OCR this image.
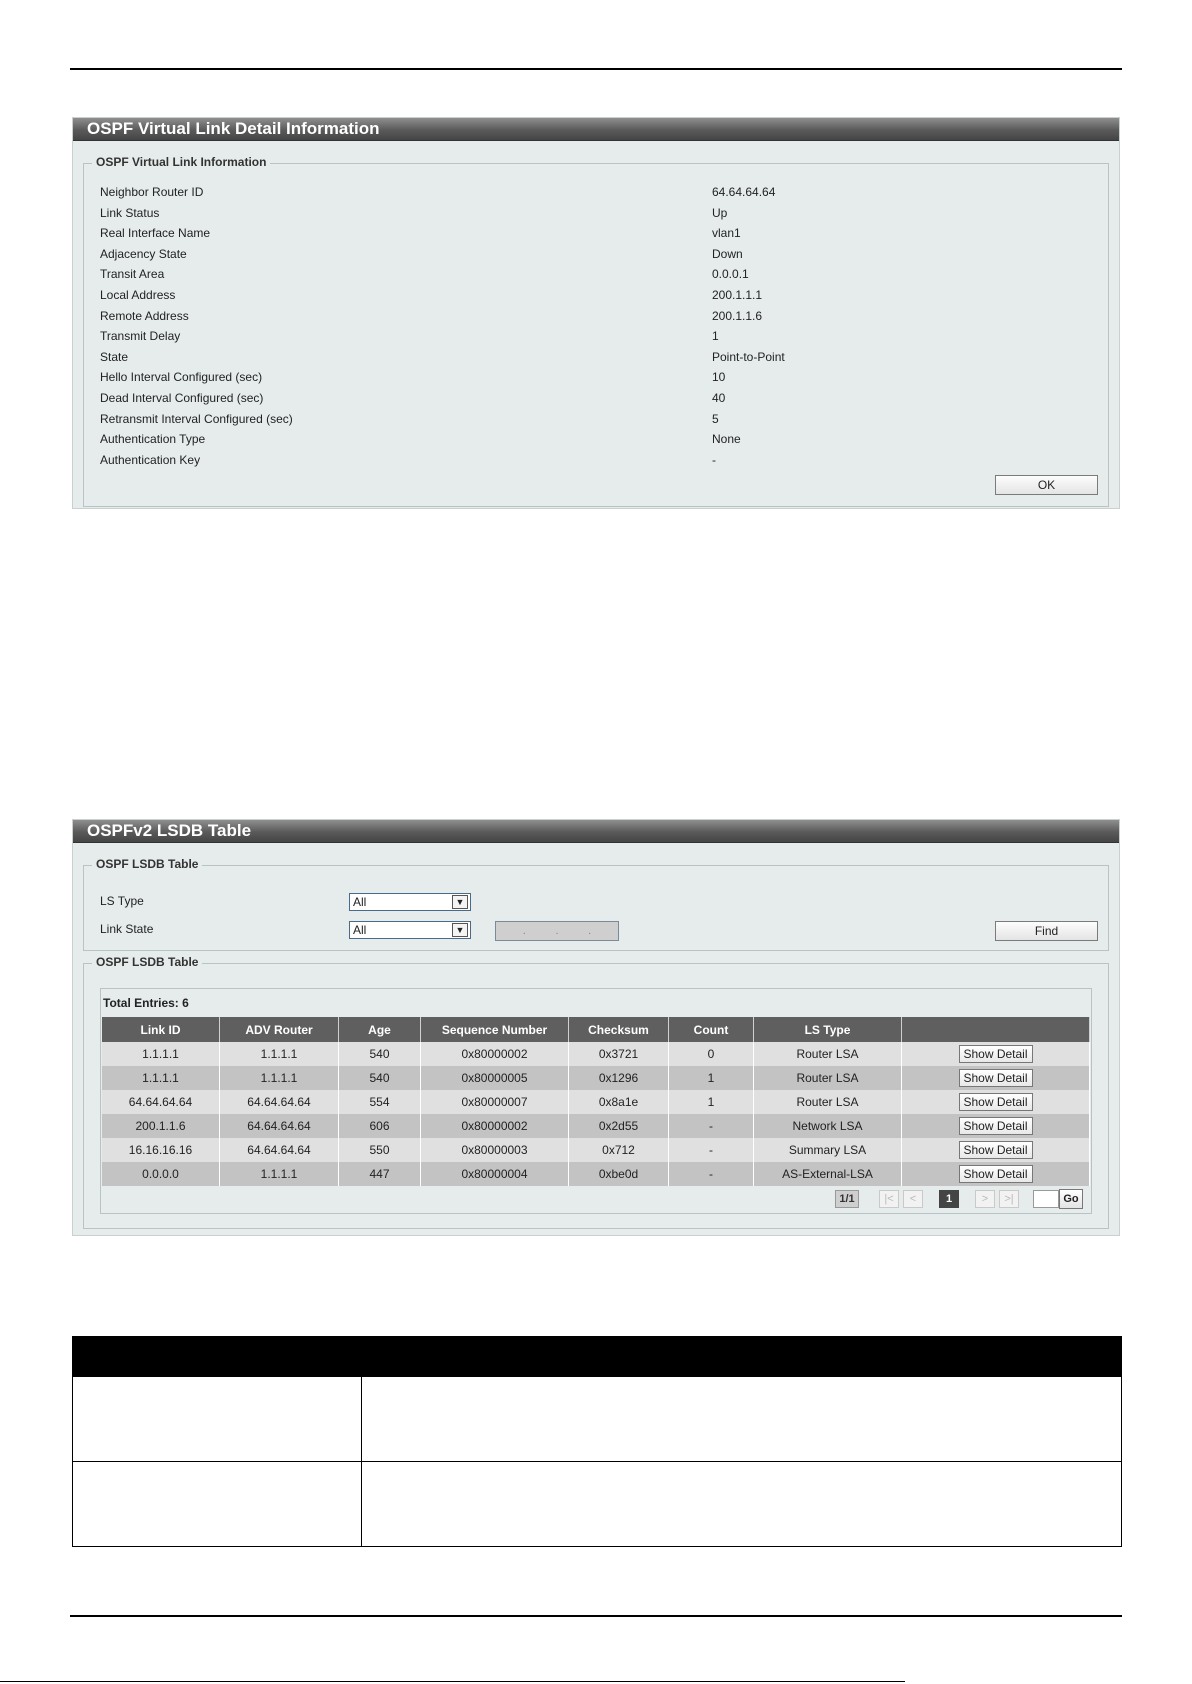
OSPF Virtual Link Detail Information
OSPF Virtual Link Information
Neighbor Router ID	64.64.64.64
Link Status	Up
Real Interface Name	vlan1
Adjacency State	Down
Transit Area	0.0.0.1
Local Address	200.1.1.1
Remote Address	200.1.1.6
Transmit Delay	1
State	Point-to-Point
Hello Interval Configured (sec)	10
Dead Interval Configured (sec)	40
Retransmit Interval Configured (sec)	5
Authentication Type	None
Authentication Key	-
OK
OSPFv2 LSDB Table
OSPF LSDB Table
LS Type	All	▼
Link State	All	▼	.	.	.	Find
OSPF LSDB Table
Total Entries: 6
Link ID	ADV Router	Age	Sequence Number	Checksum	Count	LS Type	
1.1.1.1	1.1.1.1	540	0x80000002	0x3721	0	Router LSA	Show Detail
1.1.1.1	1.1.1.1	540	0x80000005	0x1296	1	Router LSA	Show Detail
64.64.64.64	64.64.64.64	554	0x80000007	0x8a1e	1	Router LSA	Show Detail
200.1.1.6	64.64.64.64	606	0x80000002	0x2d55	-	Network LSA	Show Detail
16.16.16.16	64.64.64.64	550	0x80000003	0x712	-	Summary LSA	Show Detail
0.0.0.0	1.1.1.1	447	0x80000004	0xbe0d	-	AS-External-LSA	Show Detail
1/1	|<	<	1	>	>|	Go
